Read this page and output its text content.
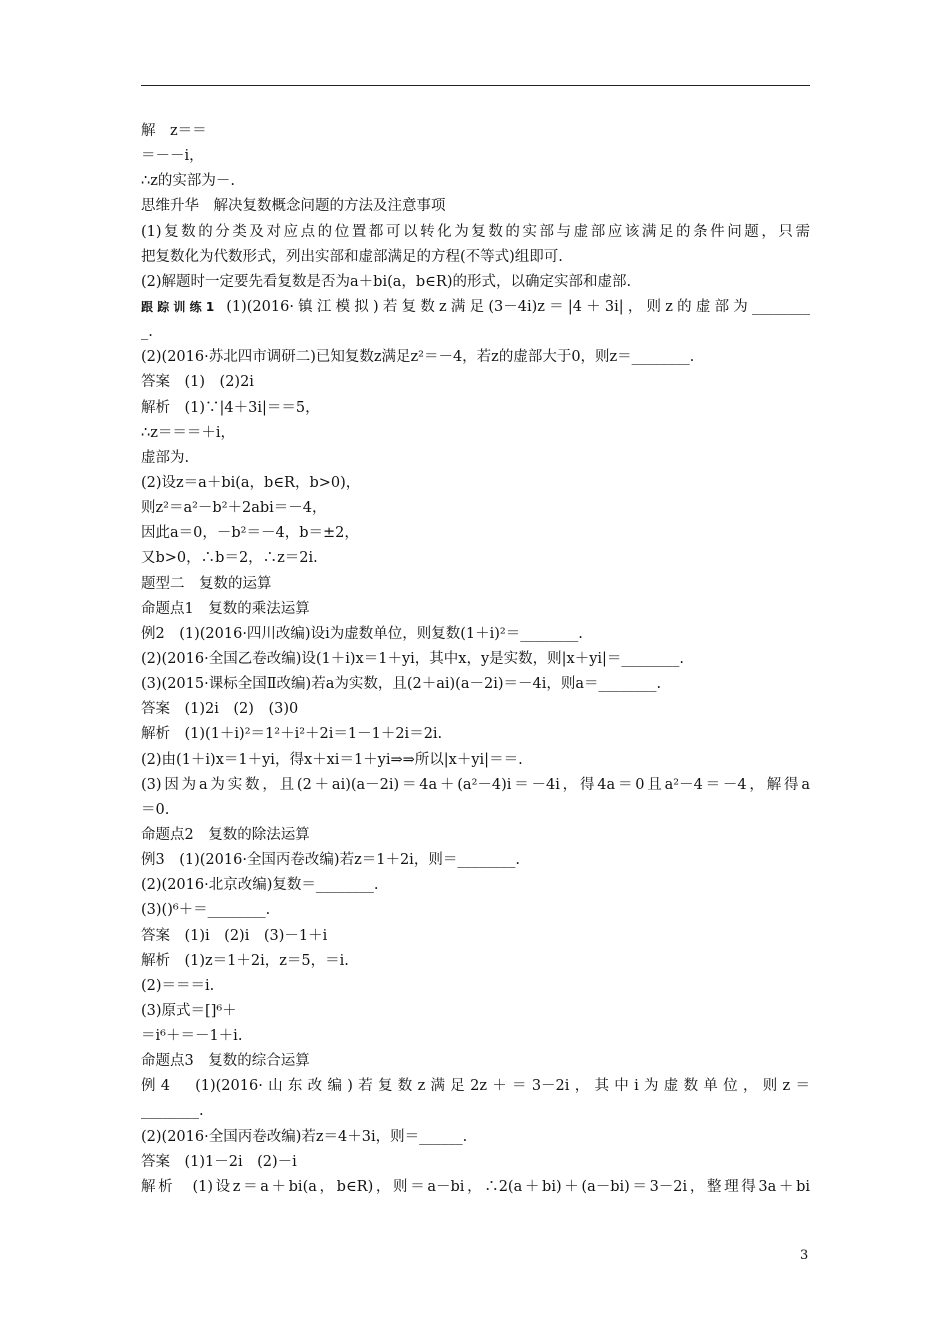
解　z＝＝
＝－－i，
∴z的实部为－.
思维升华　解决复数概念问题的方法及注意事项
(1)复数的分类及对应点的位置都可以转化为复数的实部与虚部应该满足的条件问题，只需
把复数化为代数形式，列出实部和虚部满足的方程(不等式)组即可.
(2)解题时一定要先看复数是否为a＋bi(a，b∈R)的形式，以确定实部和虚部.
跟踪训练1 (1)(2016·镇江模拟)若复数z满足(3－4i)z＝|4＋3i|，则z的虚部为________
_.
(2)(2016·苏北四市调研二)已知复数z满足z²＝－4，若z的虚部大于0，则z＝________.
答案　(1)　(2)2i
解析　(1)∵|4＋3i|＝＝5，
∴z＝＝＝＋i，
虚部为.
(2)设z＝a＋bi(a，b∈R，b>0)，
则z²＝a²－b²＋2abi＝－4，
因此a＝0，－b²＝－4，b＝±2，
又b>0，∴b＝2，∴z＝2i.
题型二　复数的运算
命题点1　复数的乘法运算
例2　(1)(2016·四川改编)设i为虚数单位，则复数(1＋i)²＝________.
(2)(2016·全国乙卷改编)设(1＋i)x＝1＋yi，其中x，y是实数，则|x＋yi|＝________.
(3)(2015·课标全国Ⅱ改编)若a为实数，且(2＋ai)(a－2i)＝－4i，则a＝________.
答案　(1)2i　(2)　(3)0
解析　(1)(1＋i)²＝1²＋i²＋2i＝1－1＋2i＝2i.
(2)由(1＋i)x＝1＋yi，得x＋xi＝1＋yi⇒⇒所以|x＋yi|＝＝.
(3)因为a为实数，且(2＋ai)(a－2i)＝4a＋(a²－4)i＝－4i，得4a＝0且a²－4＝－4，解得a
＝0.
命题点2　复数的除法运算
例3　(1)(2016·全国丙卷改编)若z＝1＋2i，则＝________.
(2)(2016·北京改编)复数＝________.
(3)()⁶＋＝________.
答案　(1)i　(2)i　(3)－1＋i
解析　(1)z＝1＋2i，z＝5，＝i.
(2)＝＝＝i.
(3)原式＝[]⁶＋
＝i⁶＋＝－1＋i.
命题点3　复数的综合运算
例4　(1)(2016·山东改编)若复数z满足2z＋＝3－2i，其中i为虚数单位，则z＝
________.
(2)(2016·全国丙卷改编)若z＝4＋3i，则＝______.
答案　(1)1－2i　(2)－i
解析　(1)设z＝a＋bi(a，b∈R)，则＝a－bi，∴2(a＋bi)＋(a－bi)＝3－2i，整理得3a＋bi
3
